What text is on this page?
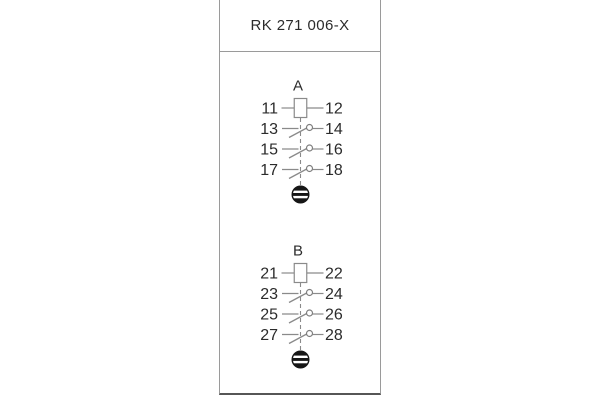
RK 271 006-X
A
11	12
13	14
15	16
17	18
B
21	22
23	24
25	26
27	28
